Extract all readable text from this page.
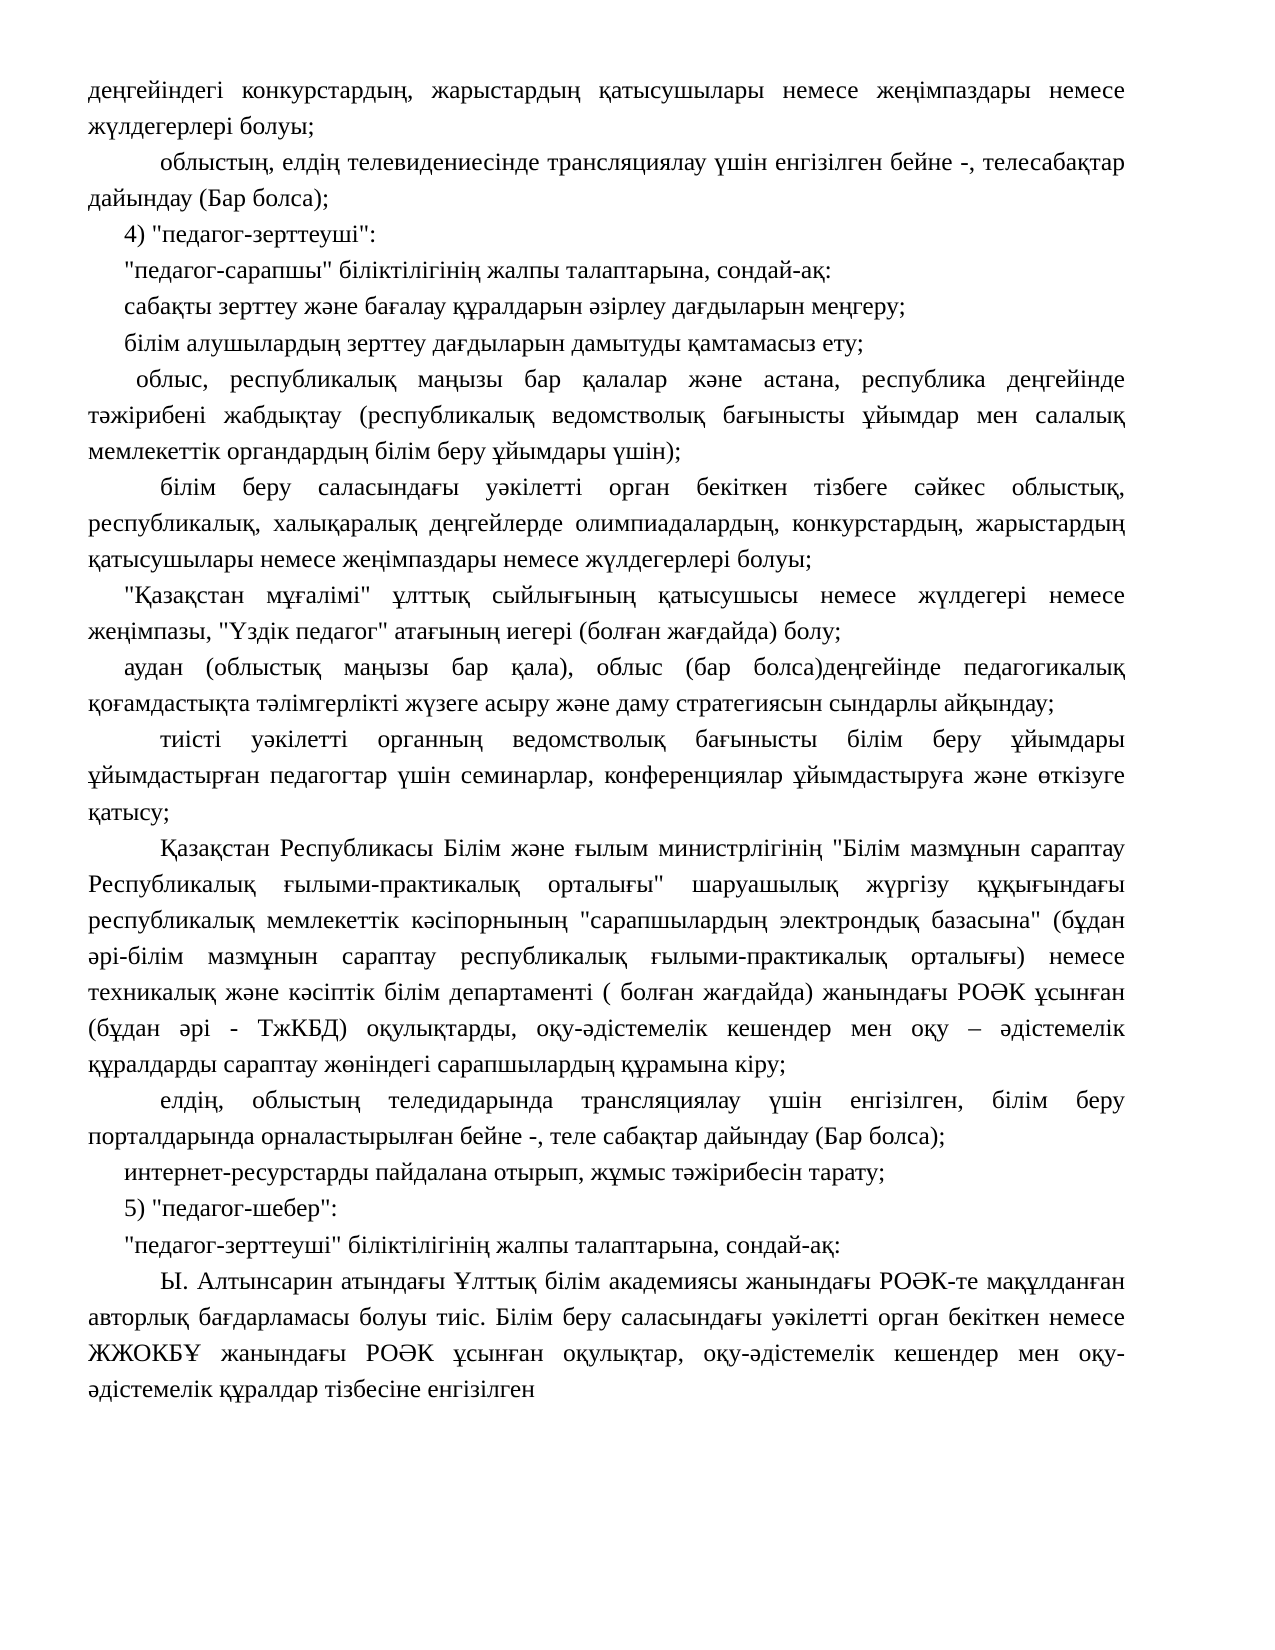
деңгейіндегі конкурстардың, жарыстардың қатысушылары немесе жеңімпаздары немесе жүлдегерлері болуы;

облыстың, елдің телевидениесінде трансляциялау үшін енгізілген бейне -, телесабақтар дайындау (Бар болса);

4) "педагог-зерттеуші":

"педагог-сарапшы" біліктілігінің жалпы талаптарына, сондай-ақ:

сабақты зерттеу және бағалау құралдарын әзірлеу дағдыларын меңгеру;

білім алушылардың зерттеу дағдыларын дамытуды қамтамасыз ету;

облыс, республикалық маңызы бар қалалар және астана, республика деңгейінде тәжірибені жабдықтау (республикалық ведомстволық бағынысты ұйымдар мен салалық мемлекеттік органдардың білім беру ұйымдары үшін);

білім беру саласындағы уәкілетті орган бекіткен тізбеге сәйкес облыстық, республикалық, халықаралық деңгейлерде олимпиадалардың, конкурстардың, жарыстардың қатысушылары немесе жеңімпаздары немесе жүлдегерлері болуы;

"Қазақстан мұғалімі" ұлттық сыйлығының қатысушысы немесе жүлдегері немесе жеңімпазы, "Үздік педагог" атағының иегері (болған жағдайда) болу;

аудан (облыстық маңызы бар қала), облыс (бар болса)деңгейінде педагогикалық қоғамдастықта тәлімгерлікті жүзеге асыру және даму стратегиясын сындарлы айқындау;

тиісті уәкілетті органның ведомстволық бағынысты білім беру ұйымдары ұйымдастырған педагогтар үшін семинарлар, конференциялар ұйымдастыруға және өткізуге қатысу;

Қазақстан Республикасы Білім және ғылым министрлігінің "Білім мазмұнын сараптау Республикалық ғылыми-практикалық орталығы" шаруашылық жүргізу құқығындағы республикалық мемлекеттік кәсіпорнының "сарапшылардың электрондық базасына" (бұдан әрі-білім мазмұнын сараптау республикалық ғылыми-практикалық орталығы) немесе техникалық және кәсіптік білім департаменті ( болған жағдайда) жанындағы РОӘК ұсынған (бұдан әрі - ТжКБД) оқулықтарды, оқу-әдістемелік кешендер мен оқу – әдістемелік құралдарды сараптау жөніндегі сарапшылардың құрамына кіру;

елдің, облыстың теледидарында трансляциялау үшін енгізілген, білім беру порталдарында орналастырылған бейне -, теле сабақтар дайындау (Бар болса);

интернет-ресурстарды пайдалана отырып, жұмыс тәжірибесін тарату;

5) "педагог-шебер":

"педагог-зерттеуші" біліктілігінің жалпы талаптарына, сондай-ақ:

Ы. Алтынсарин атындағы Ұлттық білім академиясы жанындағы РОӘК-те мақұлданған авторлық бағдарламасы болуы тиіс. Білім беру саласындағы уәкілетті орган бекіткен немесе ЖЖОКБҰ жанындағы РОӘК ұсынған оқулықтар, оқу-әдістемелік кешендер мен оқу-әдістемелік құралдар тізбесіне енгізілген
